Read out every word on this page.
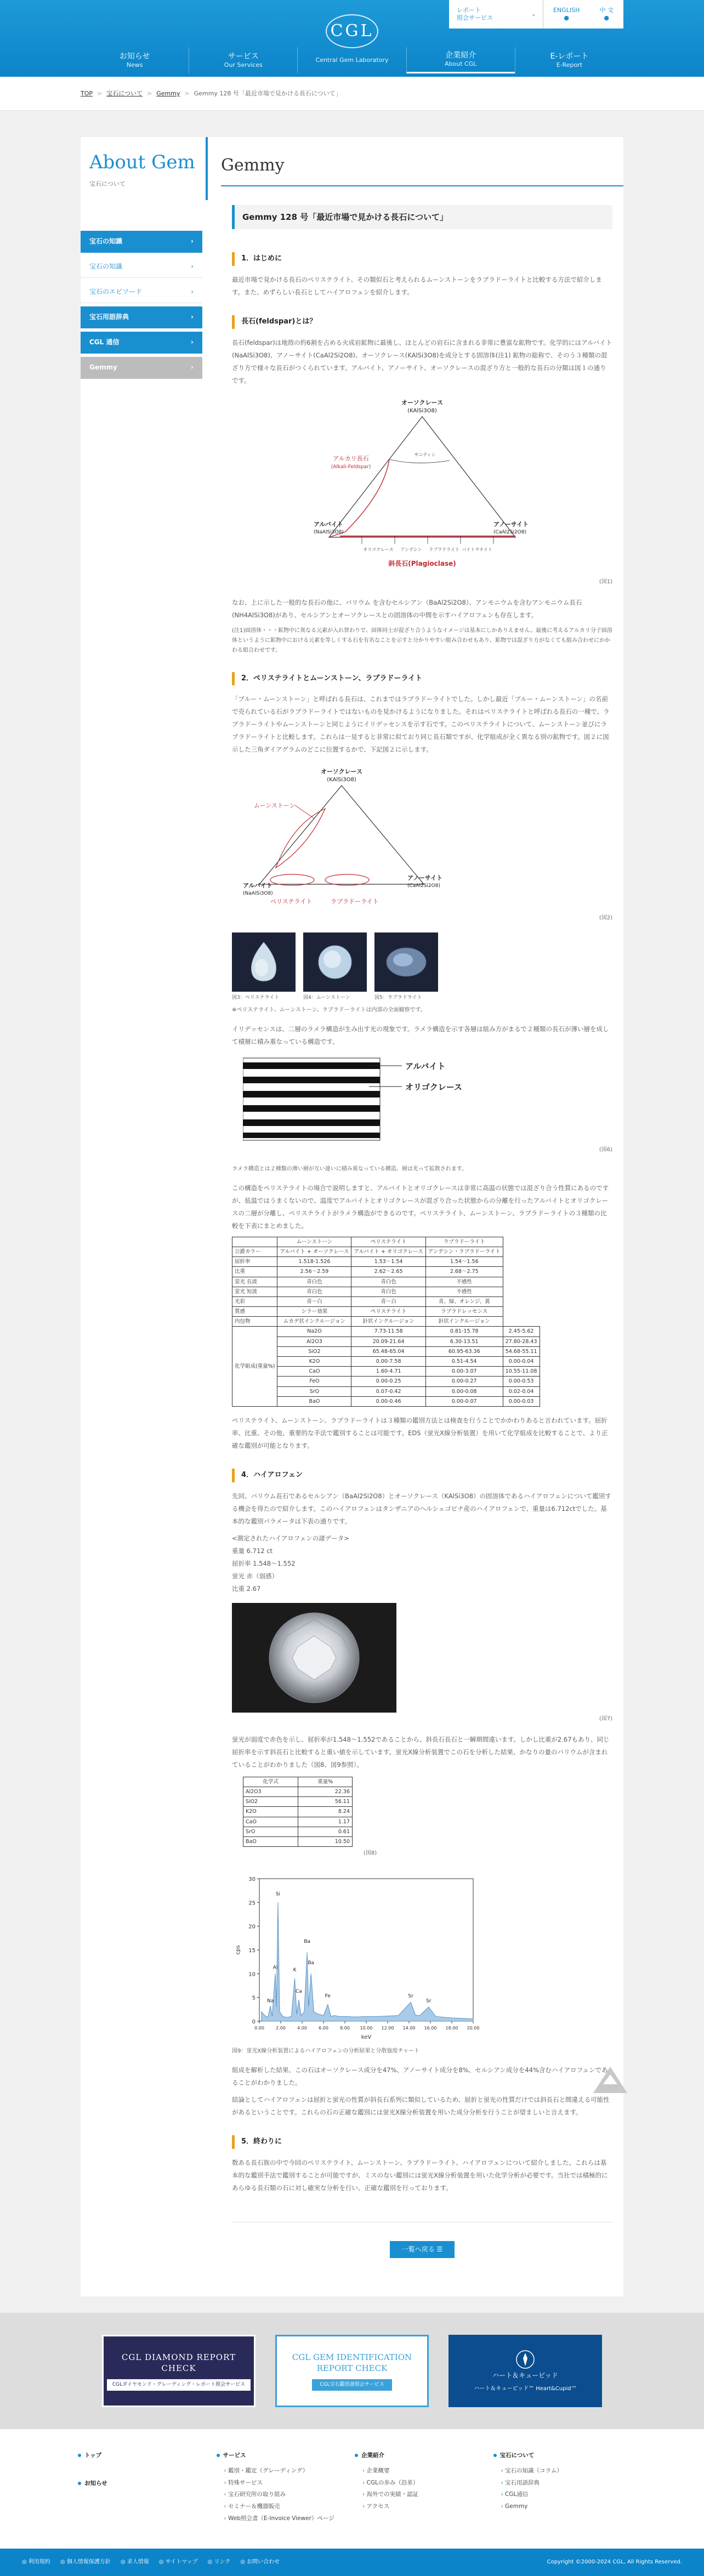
CGL
レポート
照会サービス
⌄
ENGLISH
●
中 文
●
お知らせ
News
サービス
Our Services
Central Gem Laboratory
企業紹介
About CGL
E-レポート
E-Report
TOP > 宝石について > Gemmy > Gemmy 128 号「最近市場で見かける長石について」
About Gem
宝石について
宝石の知識	›
宝石の知識	›
宝石のエピソード	›
宝石用語辞典	›
CGL 通信	›
Gemmy	›
Gemmy
Gemmy 128 号「最近市場で見かける長石について」
1．はじめに

最近市場で見かける長石のペリステライト、その類似石と考えられるムーンストーンをラブラドーライトと比較する方法で紹介します。また、めずらしい長石としてハイアロフェンを紹介します。

長石(feldspar)とは？

長石(feldspar)は地殻の約6割を占める火成岩鉱物に最後し、ほとんどの岩石に含まれる非常に豊富な鉱物です。化学的にはアルバイト(NaAlSi3O8)、アノーサイト(CaAl2Si2O8)、オーソクレース(KAlSi3O8)を成分とする固溶体(注1) 鉱物の総称で、そのう３種類の混ざり方で様々な長石がつくられています。アルバイト、アノーサイト、オーソクレースの混ざり方と一般的な長石の分類は図１の通りです。

オーソクレース
(KAlSi3O8)
アルカリ長石
(Alkali-Feldspar)
サニディン
アルバイト
(NaAlSi3O8)
アノーサイト
(CaAl2Si2O8)
オリゴクレース アンデシン ラブラドライト バイトウナイト
斜長石(Plagioclase)
(図1)

なお、上に示した一般的な長石の他に、バリウム を含むセルシアン（BaAl2Si2O8）、アンモニウムを含むアンモニウム長石(NH4AlSi3O8)があり、セルシアンとオーソクレースとの固溶体の中間を示すハイアロフェンも存在します。

(注1)固溶体・・・鉱物中に異なる元素が入れ替わりで、固体同士が混ざり合うようなイメージは基本にしかありえません。最後に考えるアルカリ分子固溶体というように鉱物中における元素を等しくする石を有名なことを示すと分かりやすい組み合わせもあり、鉱物では混ざり方がなくても組み合わせにかかわる組合わせです。

2．ペリステライトとムーンストーン、ラブラドーライト

「ブルー・ムーンストーン」と呼ばれる長石は、これまではラブラドーライトでした。しかし最近「ブルー・ムーンストーン」の名前で売られている石がラブラドーライトではないものを見かけるようになりました。それはペリステライトと呼ばれる長石の一種で、ラブラドーライトやムーンストーンと同じようにイリデッセンスを示す石です。このペリステライトについて、ムーンストーン並びにラブラドーライトと比較します。これらは一見すると非常に似ており同じ長石類ですが、化学組成が全く異なる別の鉱物です。図２に図示した三角ダイアグラムのどこに位置するかで、下記図２に示します。

オーソクレース
(KAlSi3O8)
ムーンストーン
アルバイト
(NaAlSi3O8)
アノーサイト
(CaAl2Si2O8)
ペリステライト	ラブラドーライト
(図2)
図3：ペリステライト	図4：ムーンストーン	図5：ラブラドライト

※ペリステライト、ムーンストーン、ラブラドーライトは内部の全面観察です。

イリデッセンスは、二層のラメラ構造が生み出す光の現象です。ラメラ構造を示す各層は組み方がまるで２種類の長石が薄い層を成して積層に積み重なっている構造です。

アルバイト
オリゴクレース
(図6)

ラメラ構造とは２種類の薄い層が互い違いに積み重なっている構造。層は光って拡散されます。

この構造をペリステライトの場合で説明しますと、アルバイトとオリゴクレースは非常に高温の状態では混ざり合う性質にあるのですが、低温ではうまくないので、温度でアルバイトとオリゴクレースが混ざり合った状態からの分離を行ったアルバイトとオリゴクレースの二層が分離し、ペリステライトがラメラ構造ができるのです。ペリステライト、ムーンストーン、ラブラドーライトの３種類の比較を下表にまとめました。

	ムーンストーン	ペリステライト	ラブラドーライト	
公爵カラー	アルバイト + オーソクレース	アルバイト + オリゴクレース	アンデシン・ラブラドーライト	
屈折率	1.518-1.526	1.53～1.54	1.54～1.56	
比重	2.56～2.59	2.62～2.65	2.68～2.75	
蛍光 長波	青白色	青白色	不感性	
蛍光 短波	青白色	青白色	不感性	
光彩	青〜白	青〜白	青、緑、オレンジ、黄	
質感	シラー効果	ペリステライト	ラブラドレッセンス	
内包物	ムカデ状インクルージョン	針状インクルージョン	針状インクルージョン	
化学組成(重量%)				
	Na2O	7.73-11.58	0.81-15.78	2.45-5.62
	Al2O3	20.09-21.64	6.30-13.51	27.80-28.43
	SiO2	65.48-65.04	60.95-63.36	54.68-55.11
	K2O	0.00-7.58	0.51-4.54	0.00-0.04
	CaO	1.60-4.71	0.00-3.07	10.55-11.08
	FeO	0.00-0.25	0.00-0.27	0.00-0.53
	SrO	0.07-0.42	0.00-0.08	0.02-0.04
	BaO	0.00-0.46	0.00-0.07	0.00-0.03

ペリステライト、ムーンストーン、ラブラドーライトは３種類の鑑別方法とは検査を行うことでかかわりあると言われています。屈折率、比重、その他、重要的な手法で鑑別することは可能です。EDS（蛍光X線分析装置）を用いて化学組成を比較することで、より正確な鑑別が可能となります。

4．ハイアロフェン

先回、バリウム長石であるセルシアン（BaAl2Si2O8）とオーソクレース（KAlSi3O8）の固溶体であるハイアロフェンについて鑑別する機会を得たので紹介します。このハイアロフェンはタンザニアのヘルシェゴビナ産のハイアロフェンで、重量は6.712ctでした。基本的な鑑別パラメータは下表の通りです。

<測定されたハイアロフェンの諸データ>
重量 6.712 ct
屈折率 1.548〜1.552
蛍光 赤（弱感）
比重 2.67
(図7)

蛍光が弱度で赤色を示し、屈折率が1.548〜1.552であることから、斜長石長石と一瞬期間違います。しかし比重が2.67もあり、同じ屈折率を示す斜長石と比較すると重い値を示しています。蛍光X線分析装置でこの石を分析した結果、かなりの量のバリウムが含まれていることがわかりました（図8、図9参照）。

化学式	重量%
Al2O3	22.36
SiO2	56.11
K2O	8.24
CaO	1.17
SrO	0.61
BaO	10.50
(図8)
0
5
10
15
20
25
30
0.00	2.00	4.00	6.00	8.00 10.00 12.00 14.00 16.00 18.00 20.00
cps
keV
Si
Al	K
Ba
Ba
Ca
Fe
Na
Sr
Sr

図9：蛍光X線分析装置によるハイアロフェンの分析結果と分散強度チャート

組成を解析した結果、この石はオーソクレース成分を47%、アノーサイト成分を8%、セルシアン成分を44%含むハイアロフェンであることがわかりました。

結論としてハイアロフェンは屈折と蛍光の性質が斜長石系列に類似しているため、屈折と蛍光の性質だけでは斜長石と間違える可能性があるということです。これらの石の正確な鑑別には蛍光X線分析装置を用いた成分分析を行うことが望ましいと言えます。

5．終わりに

数ある長石族の中で今回のペリステライト、ムーンストーン、ラブラドーライト、ハイアロフェンについて紹介しました。これらは基本的な鑑別手法で鑑別することが可能ですが、ミスのない鑑別には蛍光X線分析装置を用いた化学分析が必要です。当社では積極的にあらゆる長石類の石に対し確実な分析を行い、正確な鑑別を行っております。

一覧へ戻る ☰
CGL DIAMOND REPORT CHECK
CGLダイヤモンド・グレーディング・レポート照会サービス
CGL GEM IDENTIFICATION REPORT CHECK
CGL宝石鑑別書照会サービス
ハート＆キューピッド
ハート＆キューピッド™ Heart&Cupid™
トップ
お知らせ
サービス
› 鑑別・鑑定（グレーディング）
› 特殊サービス
› 宝石研究所の取り組み
› セミナー＆機器販売
› Web照会書（E-Invoice Viewer）ページ
企業紹介
› 企業概要
› CGLの歩み（沿革）
› 海外での実績・認証
› アクセス
宝石について
› 宝石の知識（コラム）
› 宝石用語辞典
› CGL通信
› Gemmy
◎ 利用規約	◎ 個人情報保護方針	◎ 求人情報	◎ サイトマップ	◎ リンク	◎ お問い合わせ	Copyright ©2000-2024 CGL, All Rights Reserved.
